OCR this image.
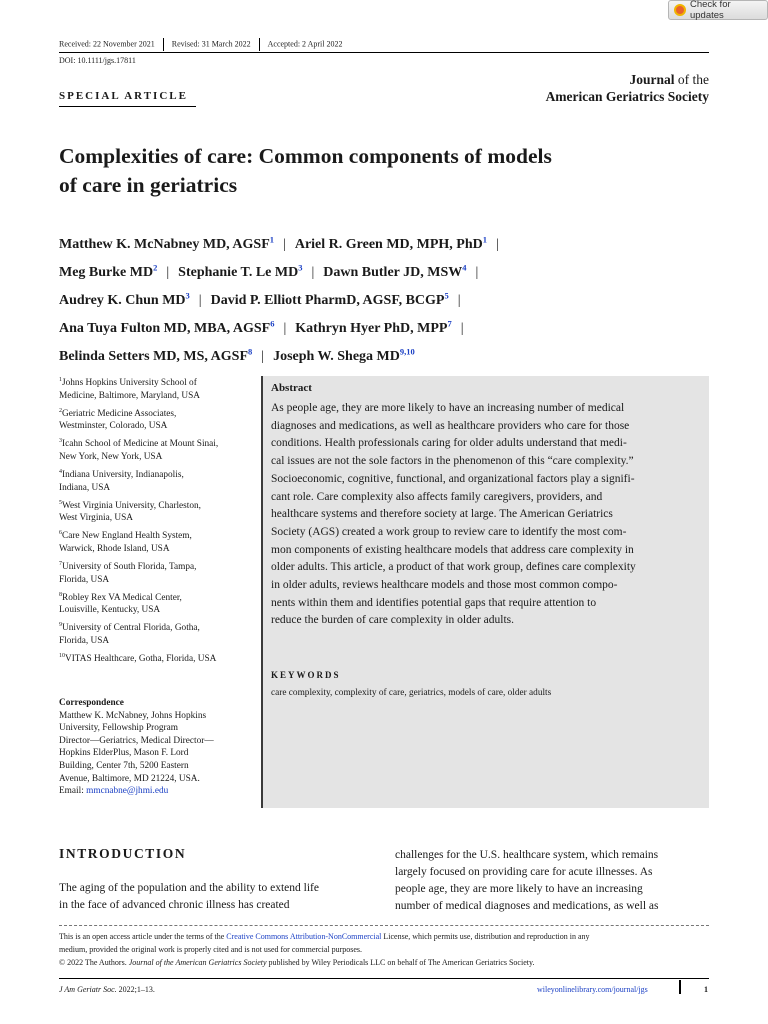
Check for updates
Received: 22 November 2021 Revised: 31 March 2022 Accepted: 2 April 2022
DOI: 10.1111/jgs.17811
Journal of the
American Geriatrics Society
SPECIAL ARTICLE
Complexities of care: Common components of models
of care in geriatrics
Matthew K. McNabney MD, AGSF$^1$ | Ariel R. Green MD, MPH, PhD$^1$ |
Meg Burke $MD^2$ | Stephanie T. Le $MD^3$ | Dawn Butler JD, MSW$^4$ |
Audrey K. Chun $MD^3$ | David P. Elliott PharmD, AGSF, BCGP$^5$ |
Ana Tuya Fulton MD, MBA, AGSF$^6$ | Kathryn Hyer PhD, MPP$^7$ |
Belinda Setters MD, MS, AGSF$^8$ | Joseph W. Shega MD$^{9,10}$
$^1$Johns Hopkins University School of
Medicine, Baltimore, Maryland, USA
$^2$Geriatric Medicine Associates,
Westminster, Colorado, USA
$^3$Icahn School of Medicine at Mount Sinai,
New York, New York, USA
$^4$Indiana University, Indianapolis,
Indiana, USA
$^5$West Virginia University, Charleston,
West Virginia, USA
$^6$Care New England Health System,
Warwick, Rhode Island, USA
$^7$University of South Florida, Tampa,
Florida, USA
$^8$Robley Rex VA Medical Center,
Louisville, Kentucky, USA
$^9$University of Central Florida, Gotha,
Florida, USA
$^{10}$VITAS Healthcare, Gotha, Florida, USA
Correspondence
Matthew K. McNabney, Johns Hopkins
University, Fellowship Program
Director—Geriatrics, Medical Director—
Hopkins ElderPlus, Mason F. Lord
Building, Center 7th, 5200 Eastern
Avenue, Baltimore, MD 21224, USA.
Email: mmcnabne@jhmi.edu
Abstract
As people age, they are more likely to have an increasing number of medical
diagnoses and medications, as well as healthcare providers who care for those
conditions. Health professionals caring for older adults understand that medi-
cal issues are not the sole factors in the phenomenon of this “care complexity.”
Socioeconomic, cognitive, functional, and organizational factors play a signifi-
cant role. Care complexity also affects family caregivers, providers, and
healthcare systems and therefore society at large. The American Geriatrics
Society (AGS) created a work group to review care to identify the most com-
mon components of existing healthcare models that address care complexity in
older adults. This article, a product of that work group, defines care complexity
in older adults, reviews healthcare models and those most common compo-
nents within them and identifies potential gaps that require attention to
reduce the burden of care complexity in older adults.
KEYWORDS
care complexity, complexity of care, geriatrics, models of care, older adults
INTRODUCTION
The aging of the population and the ability to extend life
in the face of advanced chronic illness has created
challenges for the U.S. healthcare system, which remains
largely focused on providing care for acute illnesses. As
people age, they are more likely to have an increasing
number of medical diagnoses and medications, as well as
This is an open access article under the terms of the Creative Commons Attribution-NonCommercial License, which permits use, distribution and reproduction in any
medium, provided the original work is properly cited and is not used for commercial purposes.
© 2022 The Authors. Journal of the American Geriatrics Society published by Wiley Periodicals LLC on behalf of The American Geriatrics Society.
J Am Geriatr Soc. 2022;1–13.	wileyonlinelibrary.com/journal/jgs	1
